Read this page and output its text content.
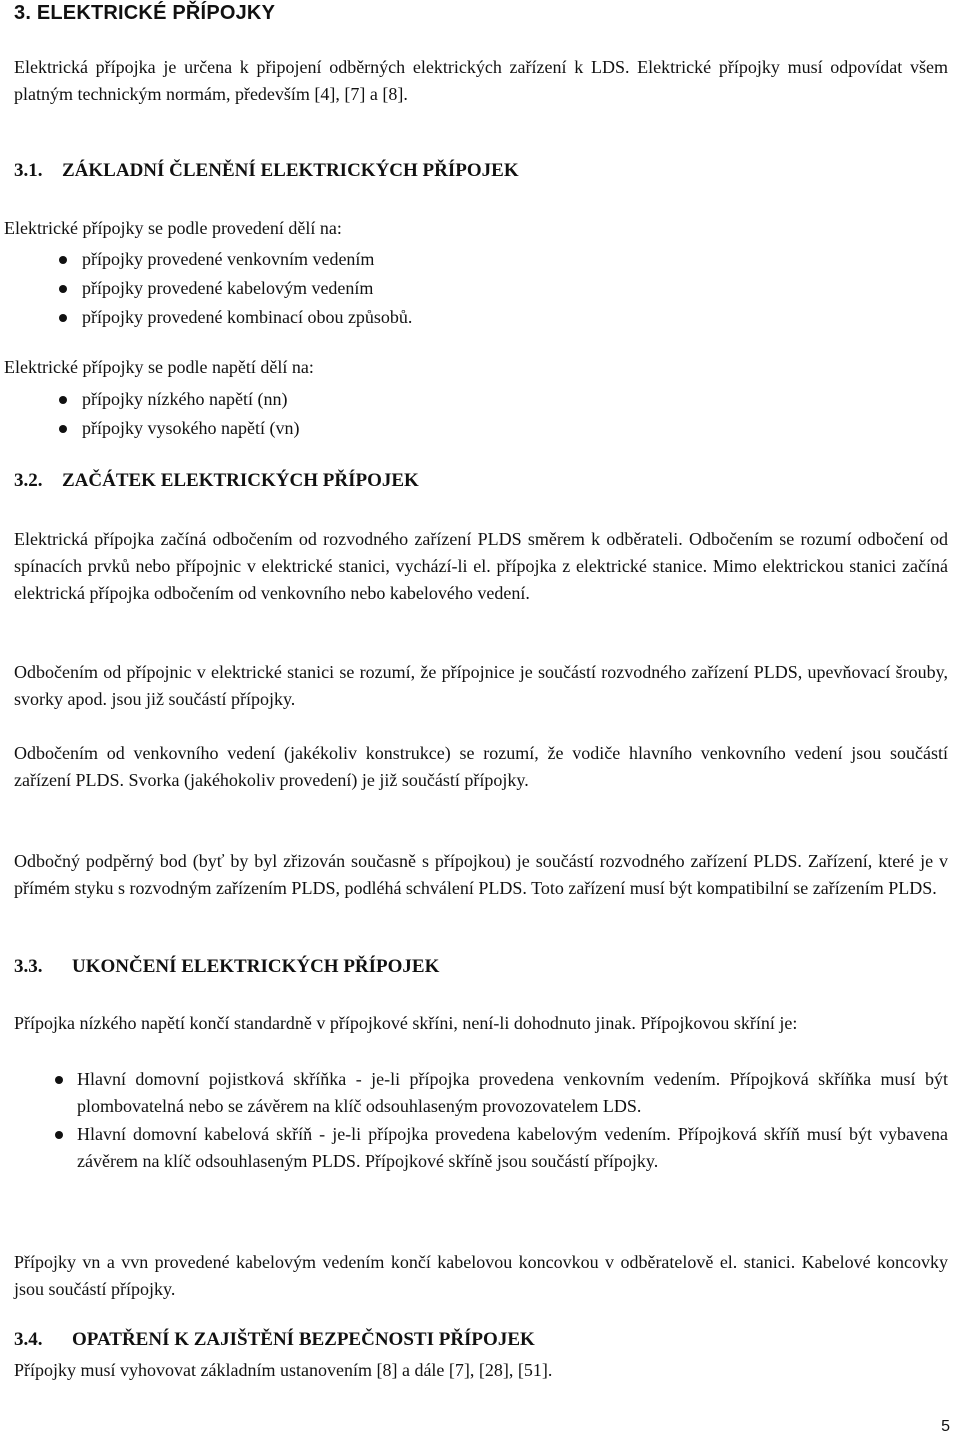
3. ELEKTRICKÉ PŘÍPOJKY
Elektrická přípojka je určena k připojení odběrných elektrických zařízení k LDS. Elektrické přípojky musí odpovídat všem platným technickým normám, především [4], [7] a [8].
3.1. ZÁKLADNÍ ČLENĚNÍ ELEKTRICKÝCH PŘÍPOJEK
Elektrické přípojky se podle provedení dělí na:
přípojky provedené venkovním vedením
přípojky provedené kabelovým vedením
přípojky provedené kombinací obou způsobů.
Elektrické přípojky se podle napětí dělí na:
přípojky nízkého napětí (nn)
přípojky vysokého napětí (vn)
3.2. ZAČÁTEK ELEKTRICKÝCH PŘÍPOJEK
Elektrická přípojka začíná odbočením od rozvodného zařízení PLDS směrem k odběrateli. Odbočením se rozumí odbočení od spínacích prvků nebo přípojnic v elektrické stanici, vychází-li el. přípojka z elektrické stanice. Mimo elektrickou stanici začíná elektrická přípojka odbočením od venkovního nebo kabelového vedení.
Odbočením od přípojnic v elektrické stanici se rozumí, že přípojnice je součástí rozvodného zařízení PLDS, upevňovací šrouby, svorky apod. jsou již součástí přípojky.
Odbočením od venkovního vedení (jakékoliv konstrukce) se rozumí, že vodiče hlavního venkovního vedení jsou součástí zařízení PLDS. Svorka (jakéhokoliv provedení) je již součástí přípojky.
Odbočný podpěrný bod (byť by byl zřizován současně s přípojkou) je součástí rozvodného zařízení PLDS. Zařízení, které je v přímém styku s rozvodným zařízením PLDS, podléhá schválení PLDS. Toto zařízení musí být kompatibilní se zařízením PLDS.
3.3. UKONČENÍ ELEKTRICKÝCH PŘÍPOJEK
Přípojka nízkého napětí končí standardně v přípojkové skříni, není-li dohodnuto jinak. Přípojkovou skříní je:
Hlavní domovní pojistková skříňka - je-li přípojka provedena venkovním vedením. Přípojková skříňka musí být plombovatelná nebo se závěrem na klíč odsouhlaseným provozovatelem LDS.
Hlavní domovní kabelová skříň - je-li přípojka provedena kabelovým vedením. Přípojková skříň musí být vybavena závěrem na klíč odsouhlaseným PLDS. Přípojkové skříně jsou součástí přípojky.
Přípojky vn a vvn provedené kabelovým vedením končí kabelovou koncovkou v odběratelově el. stanici. Kabelové koncovky jsou součástí přípojky.
3.4. OPATŘENÍ K ZAJIŠTĚNÍ BEZPEČNOSTI PŘÍPOJEK
Přípojky musí vyhovovat základním ustanovením [8] a dále [7], [28], [51].
5
